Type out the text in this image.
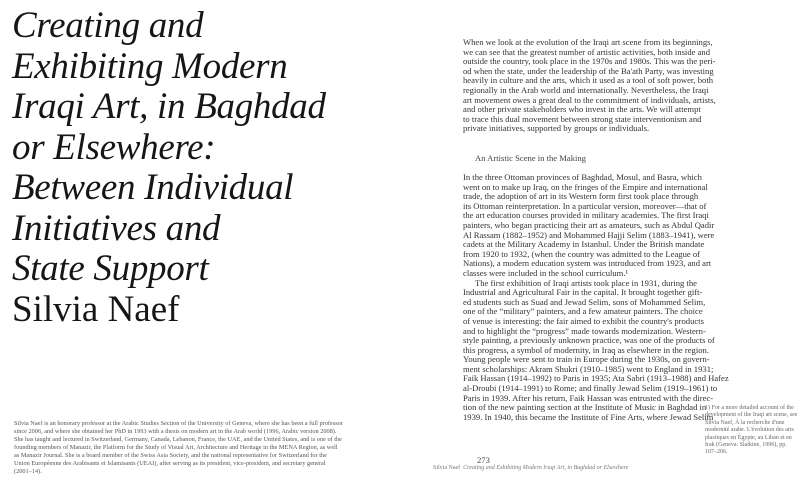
Creating and
Exhibiting Modern
Iraqi Art, in Baghdad
or Elsewhere:
Between Individual
Initiatives and
State Support
Silvia Naef
Silvia Naef is an honorary professor at the Arabic Studies Section of the University of Geneva, where she has been a full professor since 2006, and where she obtained her PhD in 1993 with a thesis on modern art in the Arab world (1996, Arabic version 2008). She has taught and lectured in Switzerland, Germany, Canada, Lebanon, France, the UAE, and the United States, and is one of the founding members of Manazir, the Platform for the Study of Visual Art, Architecture and Heritage in the MENA Region, as well as Manazir Journal. She is a board member of the Swiss Asia Society, and the national representative for Switzerland for the Union Européenne des Arabisants et Islamisants (UEAI), after serving as its president, vice-president, and secretary general (2001–14).
When we look at the evolution of the Iraqi art scene from its beginnings,
we can see that the greatest number of artistic activities, both inside and
outside the country, took place in the 1970s and 1980s. This was the peri-
od when the state, under the leadership of the Ba'ath Party, was investing
heavily in culture and the arts, which it used as a tool of soft power, both
regionally in the Arab world and internationally. Nevertheless, the Iraqi
art movement owes a great deal to the commitment of individuals, artists,
and other private stakeholders who invest in the arts. We will attempt
to trace this dual movement between strong state interventionism and
private initiatives, supported by groups or individuals.
An Artistic Scene in the Making
In the three Ottoman provinces of Baghdad, Mosul, and Basra, which
went on to make up Iraq, on the fringes of the Empire and international
trade, the adoption of art in its Western form first took place through
its Ottoman reinterpretation. In a particular version, moreover—that of
the art education courses provided in military academies. The first Iraqi
painters, who began practicing their art as amateurs, such as Abdul Qadir
Al Rassam (1882–1952) and Mohammed Hajji Selim (1883–1941), were
cadets at the Military Academy in Istanbul. Under the British mandate
from 1920 to 1932, (when the country was admitted to the League of
Nations), a modern education system was introduced from 1923, and art
classes were included in the school curriculum.¹
The first exhibition of Iraqi artists took place in 1931, during the
Industrial and Agricultural Fair in the capital. It brought together gift-
ed students such as Suad and Jewad Selim, sons of Mohammed Selim,
one of the “military” painters, and a few amateur painters. The choice
of venue is interesting: the fair aimed to exhibit the country's products
and to highlight the “progress” made towards modernization. Western-
style painting, a previously unknown practice, was one of the products of
this progress, a symbol of modernity, in Iraq as elsewhere in the region.
Young people were sent to train in Europe during the 1930s, on govern-
ment scholarships: Akram Shukri (1910–1985) went to England in 1931;
Faik Hassan (1914–1992) to Paris in 1935; Ata Sabri (1913–1988) and Hafez
al-Droubi (1914–1991) to Rome; and finally Jewad Selim (1919–1961) to
Paris in 1939. After his return, Faik Hassan was entrusted with the direc-
tion of the new painting section at the Institute of Music in Baghdad in
1939. In 1940, this became the Institute of Fine Arts, where Jewad Selim
273
1) For a more detailed account of the development of the Iraqi art scene, see Silvia Naef, À la recherche d'une modernité arabe. L'évolution des arts plastiques en Égypte, au Liban et en Irak (Geneva: Slatkine, 1996), pp. 107–206.
Silvia Naef Creating and Exhibiting Modern Iraqi Art, in Baghdad or Elsewhere
